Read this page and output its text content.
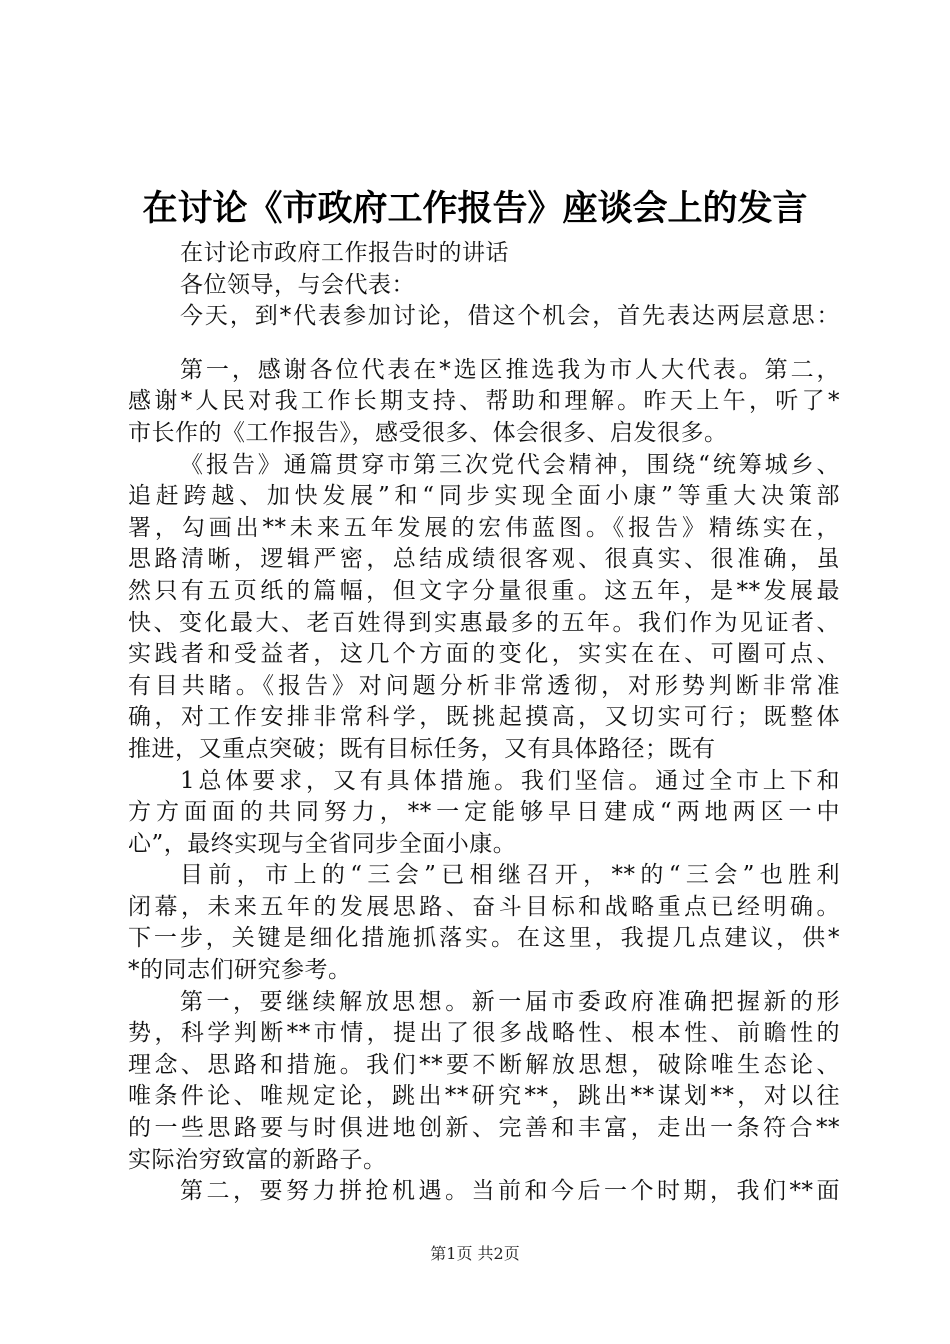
在讨论《市政府工作报告》座谈会上的发言
在讨论市政府工作报告时的讲话
各位领导，与会代表：
今天，到*代表参加讨论，借这个机会，首先表达两层意思：
第一，感谢各位代表在*选区推选我为市人大代表。第二，
感谢*人民对我工作长期支持、帮助和理解。昨天上午，听了*
市长作的《工作报告》，感受很多、体会很多、启发很多。
《报告》通篇贯穿市第三次党代会精神，围绕“统筹城乡、
追赶跨越、加快发展”和“同步实现全面小康”等重大决策部
署，勾画出**未来五年发展的宏伟蓝图。《报告》精练实在，
思路清晰，逻辑严密，总结成绩很客观、很真实、很准确，虽
然只有五页纸的篇幅，但文字分量很重。这五年，是**发展最
快、变化最大、老百姓得到实惠最多的五年。我们作为见证者、
实践者和受益者，这几个方面的变化，实实在在、可圈可点、
有目共睹。《报告》对问题分析非常透彻，对形势判断非常准
确，对工作安排非常科学，既挑起摸高，又切实可行；既整体
推进，又重点突破；既有目标任务，又有具体路径；既有
1总体要求，又有具体措施。我们坚信。通过全市上下和
方方面面的共同努力，**一定能够早日建成“两地两区一中
心”，最终实现与全省同步全面小康。
目前，市上的“三会”已相继召开，**的“三会”也胜利
闭幕，未来五年的发展思路、奋斗目标和战略重点已经明确。
下一步，关键是细化措施抓落实。在这里，我提几点建议，供*
*的同志们研究参考。
第一，要继续解放思想。新一届市委政府准确把握新的形
势，科学判断**市情，提出了很多战略性、根本性、前瞻性的
理念、思路和措施。我们**要不断解放思想，破除唯生态论、
唯条件论、唯规定论，跳出**研究**，跳出**谋划**，对以往
的一些思路要与时俱进地创新、完善和丰富，走出一条符合**
实际治穷致富的新路子。
第二，要努力拼抢机遇。当前和今后一个时期，我们**面
第1页 共2页
